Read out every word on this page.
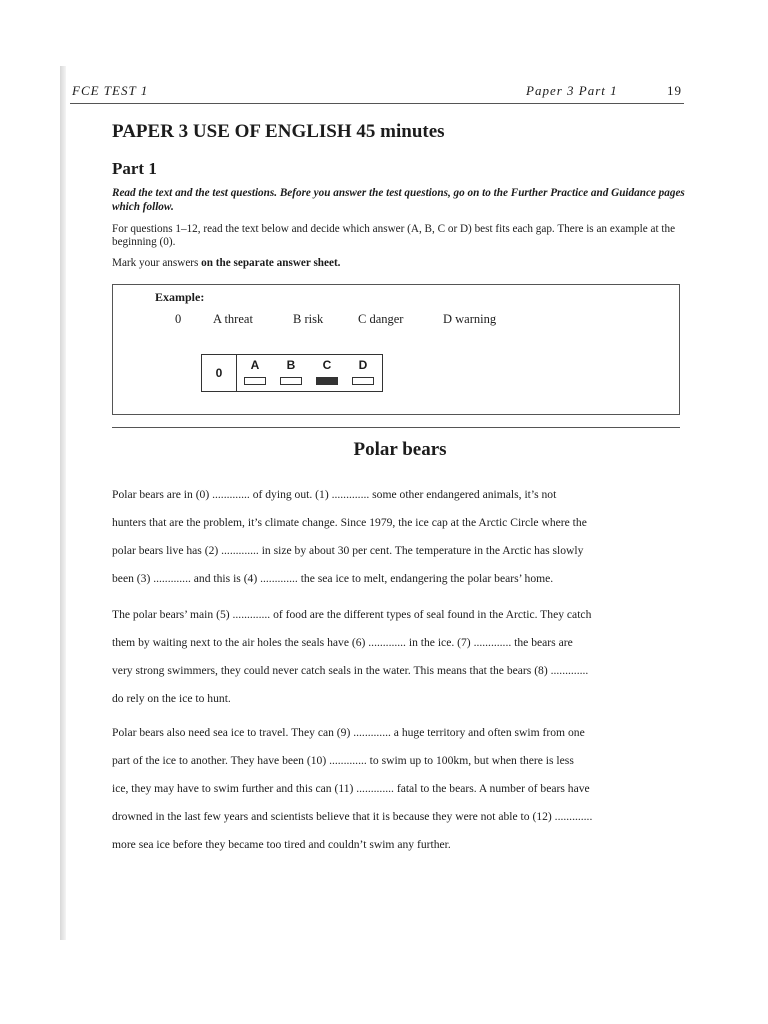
FCE TEST 1	Paper 3 Part 1	19
PAPER 3 USE OF ENGLISH 45 minutes
Part 1
Read the text and the test questions. Before you answer the test questions, go on to the Further Practice and Guidance pages which follow.
For questions 1–12, read the text below and decide which answer (A, B, C or D) best fits each gap. There is an example at the beginning (0).
Mark your answers on the separate answer sheet.
Example:
0	A threat	B risk	C danger	D warning
0
A	B	C	D
Polar bears
Polar bears are in (0) ............. of dying out. (1) ............. some other endangered animals, it’s not
hunters that are the problem, it’s climate change. Since 1979, the ice cap at the Arctic Circle where the
polar bears live has (2) ............. in size by about 30 per cent. The temperature in the Arctic has slowly
been (3) ............. and this is (4) ............. the sea ice to melt, endangering the polar bears’ home.
The polar bears’ main (5) ............. of food are the different types of seal found in the Arctic. They catch
them by waiting next to the air holes the seals have (6) ............. in the ice. (7) ............. the bears are
very strong swimmers, they could never catch seals in the water. This means that the bears (8) .............
do rely on the ice to hunt.
Polar bears also need sea ice to travel. They can (9) ............. a huge territory and often swim from one
part of the ice to another. They have been (10) ............. to swim up to 100km, but when there is less
ice, they may have to swim further and this can (11) ............. fatal to the bears. A number of bears have
drowned in the last few years and scientists believe that it is because they were not able to (12) .............
more sea ice before they became too tired and couldn’t swim any further.
